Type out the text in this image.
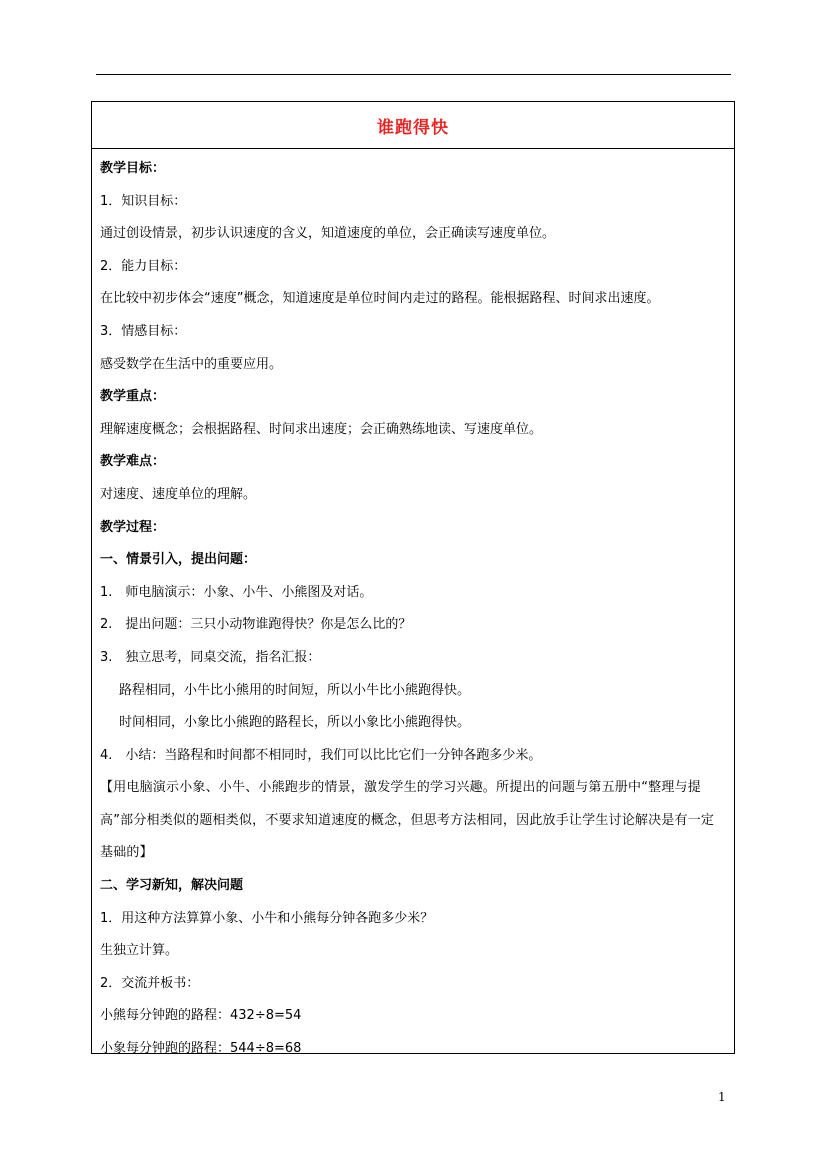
谁跑得快
教学目标：
1．知识目标：
通过创设情景，初步认识速度的含义，知道速度的单位，会正确读写速度单位。
2．能力目标：
在比较中初步体会“速度”概念，知道速度是单位时间内走过的路程。能根据路程、时间求出速度。
3．情感目标：
感受数学在生活中的重要应用。
教学重点：
理解速度概念；会根据路程、时间求出速度；会正确熟练地读、写速度单位。
教学难点：
对速度、速度单位的理解。
教学过程：
一、情景引入，提出问题：
1.　师电脑演示：小象、小牛、小熊图及对话。
2.　提出问题：三只小动物谁跑得快？你是怎么比的？
3.　独立思考，同桌交流，指名汇报：
路程相同，小牛比小熊用的时间短，所以小牛比小熊跑得快。
时间相同，小象比小熊跑的路程长，所以小象比小熊跑得快。
4.　小结：当路程和时间都不相同时，我们可以比比它们一分钟各跑多少米。
【用电脑演示小象、小牛、小熊跑步的情景，激发学生的学习兴趣。所提出的问题与第五册中“整理与提高”部分相类似的题相类似，不要求知道速度的概念，但思考方法相同，因此放手让学生讨论解决是有一定基础的】
二、学习新知，解决问题
1．用这种方法算算小象、小牛和小熊每分钟各跑多少米？
生独立计算。
2．交流并板书：
小熊每分钟跑的路程：432÷8=54
小象每分钟跑的路程：544÷8=68
1
